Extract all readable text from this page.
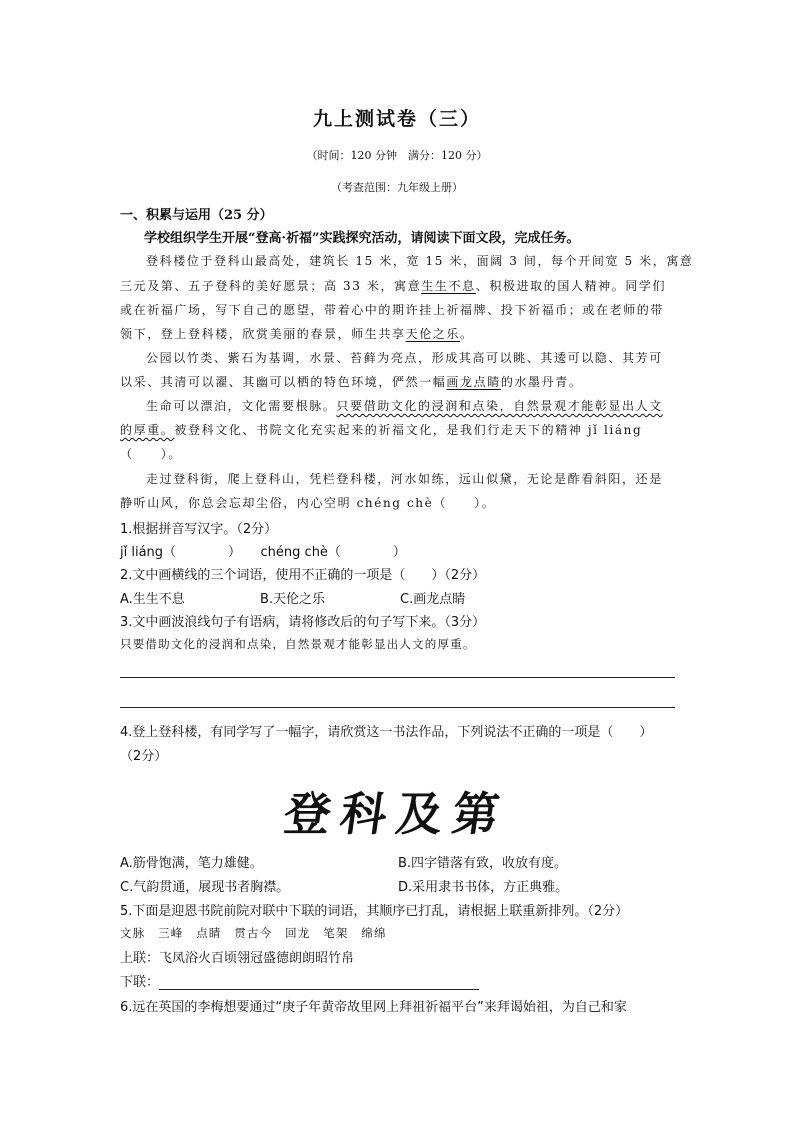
九上测试卷（三）
（时间：120 分钟　满分：120 分）
（考查范围：九年级上册）
一、积累与运用（25 分）
学校组织学生开展“登高·祈福”实践探究活动，请阅读下面文段，完成任务。
登科楼位于登科山最高处，建筑长 15 米，宽 15 米，面阔 3 间，每个开间宽 5 米，寓意
三元及第、五子登科的美好愿景；高 33 米，寓意生生不息、积极进取的国人精神。同学们
或在祈福广场，写下自己的愿望，带着心中的期许挂上祈福牌、投下祈福币；或在老师的带
领下，登上登科楼，欣赏美丽的春景，师生共享天伦之乐。
公园以竹类、紫石为基调，水景、苔藓为亮点，形成其高可以眺、其逶可以隐、其芳可
以采、其清可以濯、其幽可以栖的特色环境，俨然一幅画龙点睛的水墨丹青。
生命可以漂泊，文化需要根脉。只要借助文化的浸润和点染，自然景观才能彰显出人文
的厚重。被登科文化、书院文化充实起来的祈福文化，是我们行走天下的精神 jǐ liáng
（　　）。
走过登科街，爬上登科山，凭栏登科楼，河水如练，远山似黛，无论是酢看斜阳，还是
静听山风，你总会忘却尘俗，内心空明 chéng chè（　　）。
1.根据拼音写汉字。（2分）
jǐ liáng（　　　　）　　chéng chè（　　　　）
2.文中画横线的三个词语，使用不正确的一项是（　　）（2分）
A.生生不息	B.天伦之乐	C.画龙点睛
3.文中画波浪线句子有语病，请将修改后的句子写下来。（3分）
只要借助文化的浸润和点染，自然景观才能彰显出人文的厚重。
4.登上登科楼，有同学写了一幅字，请欣赏这一书法作品，下列说法不正确的一项是（　　）
（2分）
登科及第
A.筋骨饱满，笔力雄健。	B.四字错落有致，收放有度。
C.气韵贯通，展现书者胸襟。	D.采用隶书书体，方正典雅。
5.下面是迎恩书院前院对联中下联的词语，其顺序已打乱，请根据上联重新排列。（2分）
文脉　三峰　点睛　贯古今　回龙　笔架　绵绵
上联：飞凤浴火百顷翎冠盛德朗朗昭竹帛
下联：
6.远在英国的李梅想要通过“庚子年黄帝故里网上拜祖祈福平台”来拜谒始祖，为自己和家
